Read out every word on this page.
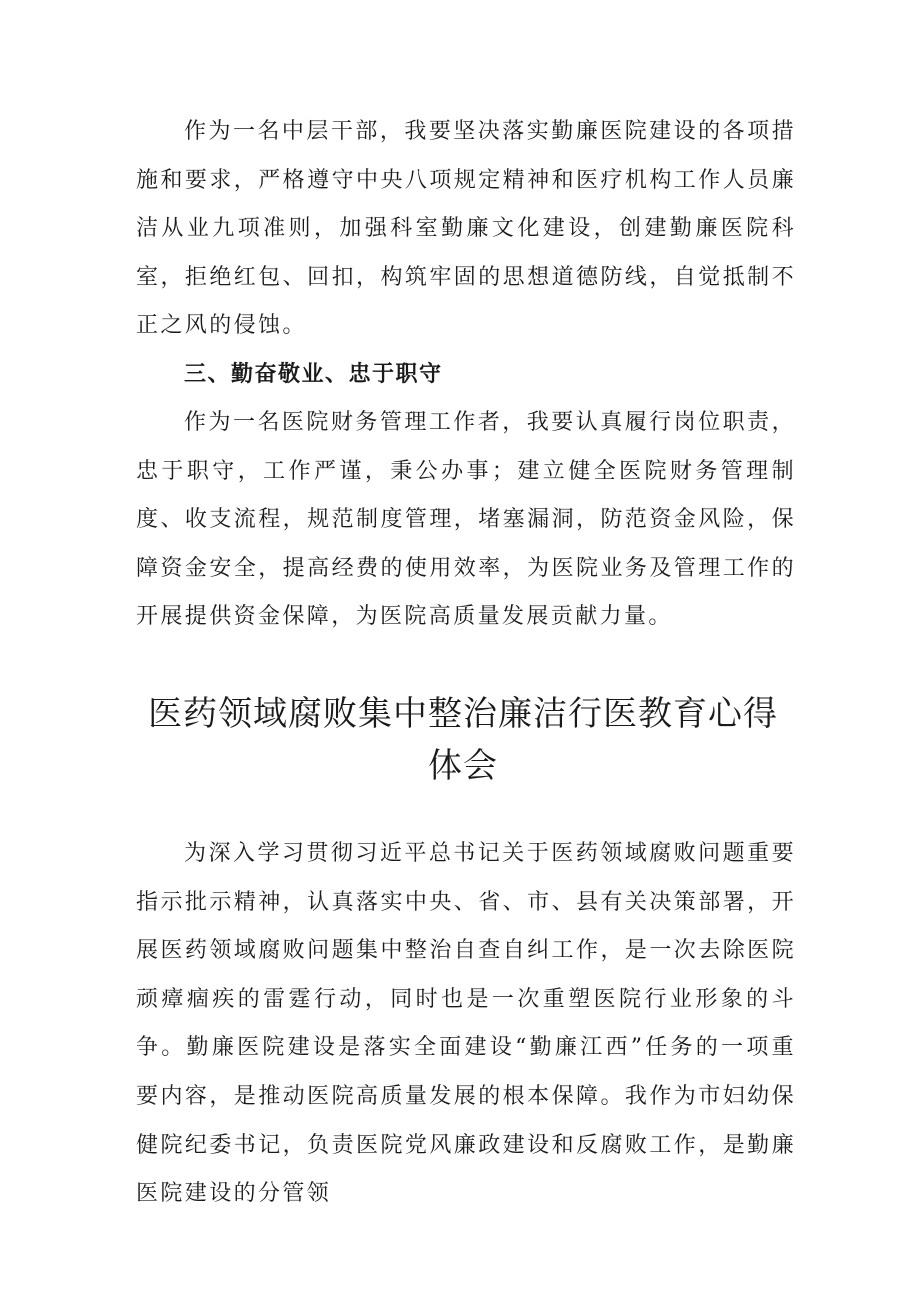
作为一名中层干部，我要坚决落实勤廉医院建设的各项措施和要求，严格遵守中央八项规定精神和医疗机构工作人员廉洁从业九项准则，加强科室勤廉文化建设，创建勤廉医院科室，拒绝红包、回扣，构筑牢固的思想道德防线，自觉抵制不正之风的侵蚀。

三、勤奋敬业、忠于职守

作为一名医院财务管理工作者，我要认真履行岗位职责，忠于职守，工作严谨，秉公办事；建立健全医院财务管理制度、收支流程，规范制度管理，堵塞漏洞，防范资金风险，保障资金安全，提高经费的使用效率，为医院业务及管理工作的开展提供资金保障，为医院高质量发展贡献力量。

医药领域腐败集中整治廉洁行医教育心得
体会

为深入学习贯彻习近平总书记关于医药领域腐败问题重要指示批示精神，认真落实中央、省、市、县有关决策部署，开展医药领域腐败问题集中整治自查自纠工作，是一次去除医院顽瘴痼疾的雷霆行动，同时也是一次重塑医院行业形象的斗争。勤廉医院建设是落实全面建设“勤廉江西”任务的一项重要内容，是推动医院高质量发展的根本保障。我作为市妇幼保健院纪委书记，负责医院党风廉政建设和反腐败工作，是勤廉医院建设的分管领
